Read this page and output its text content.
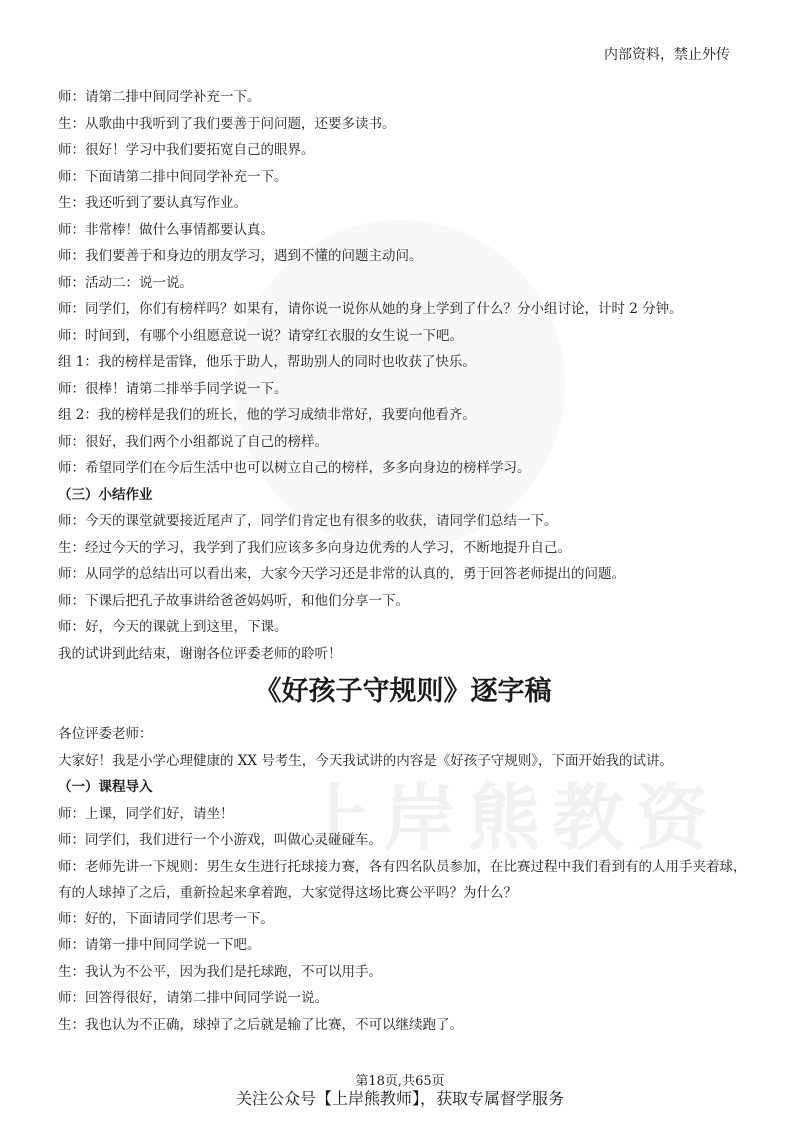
上岸熊教资
内部资料，禁止外传
师：请第二排中间同学补充一下。
生：从歌曲中我听到了我们要善于问问题，还要多读书。
师：很好！学习中我们要拓宽自己的眼界。
师：下面请第二排中间同学补充一下。
生：我还听到了要认真写作业。
师：非常棒！做什么事情都要认真。
师：我们要善于和身边的朋友学习，遇到不懂的问题主动问。
师：活动二：说一说。
师：同学们，你们有榜样吗？如果有，请你说一说你从她的身上学到了什么？分小组讨论，计时 2 分钟。
师：时间到，有哪个小组愿意说一说？请穿红衣服的女生说一下吧。
组 1：我的榜样是雷锋，他乐于助人，帮助别人的同时也收获了快乐。
师：很棒！请第二排举手同学说一下。
组 2：我的榜样是我们的班长，他的学习成绩非常好，我要向他看齐。
师：很好，我们两个小组都说了自己的榜样。
师：希望同学们在今后生活中也可以树立自己的榜样，多多向身边的榜样学习。
（三）小结作业
师：今天的课堂就要接近尾声了，同学们肯定也有很多的收获，请同学们总结一下。
生：经过今天的学习，我学到了我们应该多多向身边优秀的人学习，不断地提升自己。
师：从同学的总结出可以看出来，大家今天学习还是非常的认真的，勇于回答老师提出的问题。
师：下课后把孔子故事讲给爸爸妈妈听，和他们分享一下。
师：好，今天的课就上到这里，下课。
我的试讲到此结束，谢谢各位评委老师的聆听！
《好孩子守规则》逐字稿
各位评委老师：
大家好！我是小学心理健康的 XX 号考生，今天我试讲的内容是《好孩子守规则》，下面开始我的试讲。
（一）课程导入
师：上课，同学们好，请坐！
师：同学们，我们进行一个小游戏，叫做心灵碰碰车。
师：老师先讲一下规则：男生女生进行托球接力赛，各有四名队员参加，在比赛过程中我们看到有的人用手夹着球，有的人球掉了之后，重新捡起来拿着跑，大家觉得这场比赛公平吗？为什么？
师：好的，下面请同学们思考一下。
师：请第一排中间同学说一下吧。
生：我认为不公平，因为我们是托球跑，不可以用手。
师：回答得很好，请第二排中间同学说一说。
生：我也认为不正确，球掉了之后就是输了比赛，不可以继续跑了。
第18页,共65页
关注公众号【上岸熊教师】，获取专属督学服务
